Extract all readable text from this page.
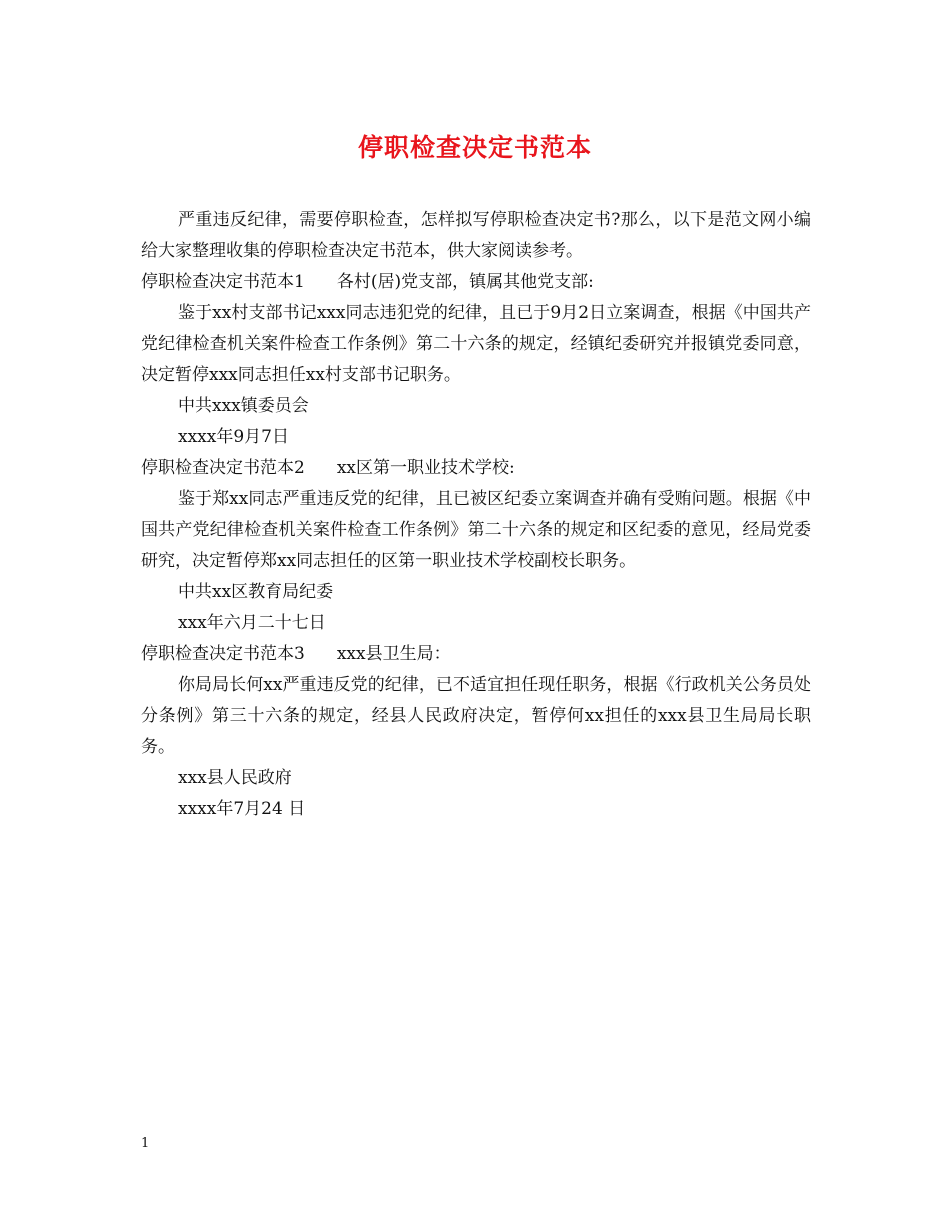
停职检查决定书范本

严重违反纪律，需要停职检查，怎样拟写停职检查决定书?那么，以下是范文网小编给大家整理收集的停职检查决定书范本，供大家阅读参考。

停职检查决定书范本1 各村(居)党支部，镇属其他党支部:

鉴于xx村支部书记xxx同志违犯党的纪律，且已于9月2日立案调查，根据《中国共产党纪律检查机关案件检查工作条例》第二十六条的规定，经镇纪委研究并报镇党委同意，决定暂停xxx同志担任xx村支部书记职务。

中共xxx镇委员会

xxxx年9月7日

停职检查决定书范本2 xx区第一职业技术学校:

鉴于郑xx同志严重违反党的纪律，且已被区纪委立案调查并确有受贿问题。根据《中国共产党纪律检查机关案件检查工作条例》第二十六条的规定和区纪委的意见，经局党委研究，决定暂停郑xx同志担任的区第一职业技术学校副校长职务。

中共xx区教育局纪委

xxx年六月二十七日

停职检查决定书范本3 xxx县卫生局：

你局局长何xx严重违反党的纪律，已不适宜担任现任职务，根据《行政机关公务员处分条例》第三十六条的规定，经县人民政府决定，暂停何xx担任的xxx县卫生局局长职务。

xxx县人民政府

xxxx年7月24 日

1
